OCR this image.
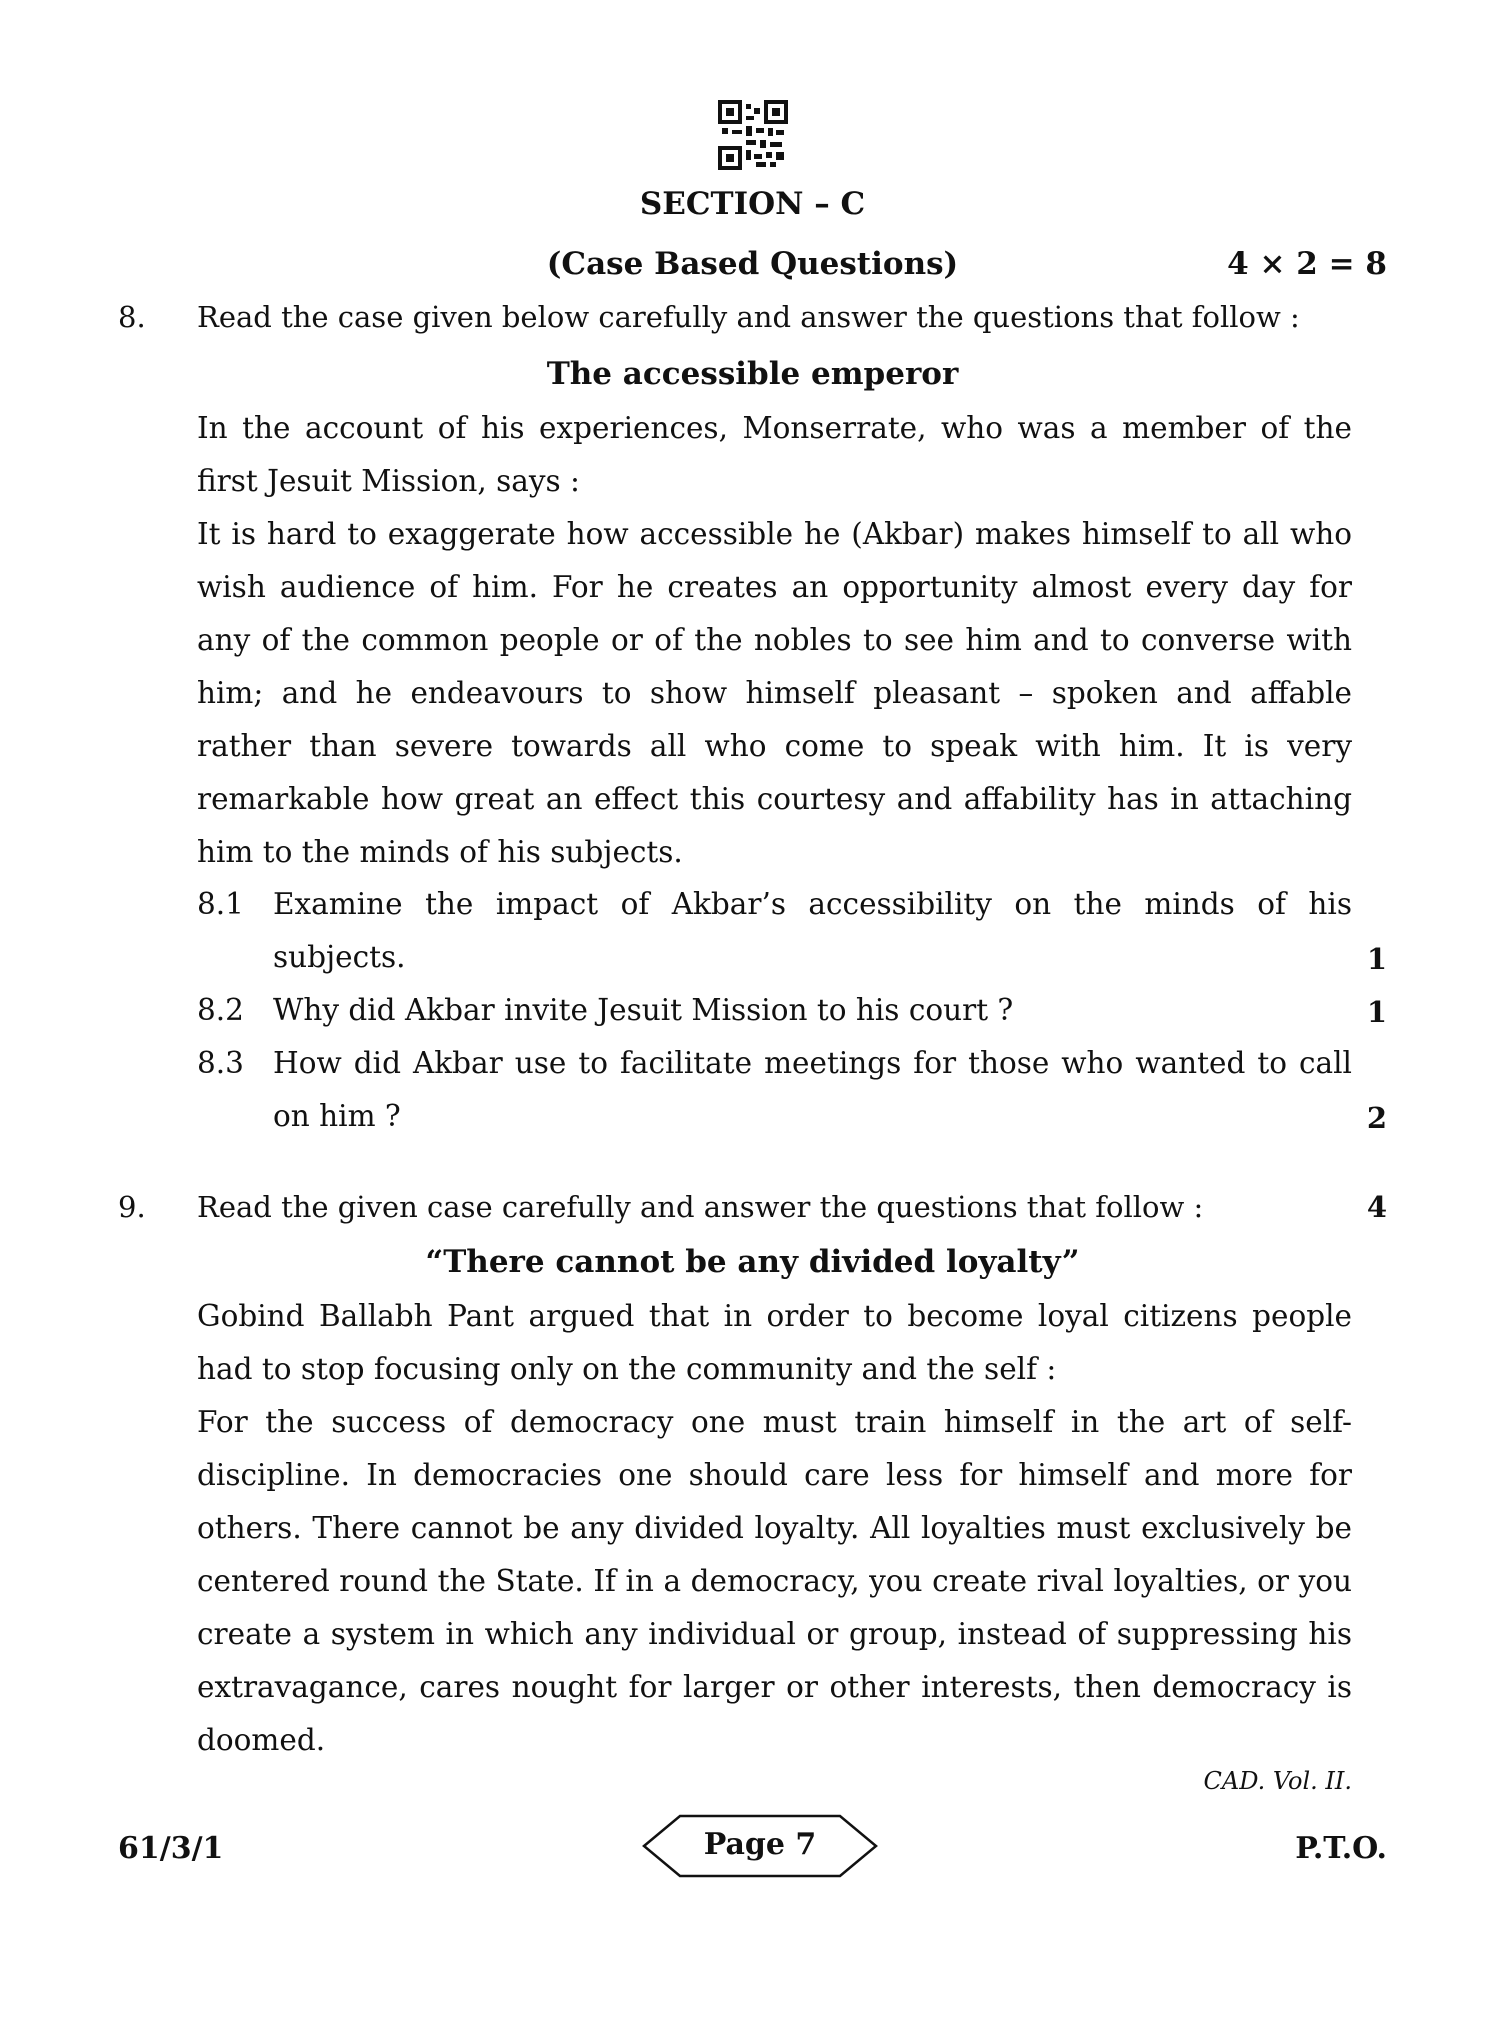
SECTION – C
(Case Based Questions)	4 × 2 = 8
8. Read the case given below carefully and answer the questions that follow :
The accessible emperor
In the account of his experiences, Monserrate, who was a member of the first Jesuit Mission, says :
It is hard to exaggerate how accessible he (Akbar) makes himself to all who wish audience of him. For he creates an opportunity almost every day for any of the common people or of the nobles to see him and to converse with him; and he endeavours to show himself pleasant – spoken and affable rather than severe towards all who come to speak with him. It is very remarkable how great an effect this courtesy and affability has in attaching him to the minds of his subjects.
8.1 Examine the impact of Akbar’s accessibility on the minds of his subjects.	1
8.2 Why did Akbar invite Jesuit Mission to his court ?	1
8.3 How did Akbar use to facilitate meetings for those who wanted to call on him ?	2
9. Read the given case carefully and answer the questions that follow :	4
“There cannot be any divided loyalty”
Gobind Ballabh Pant argued that in order to become loyal citizens people had to stop focusing only on the community and the self :
For the success of democracy one must train himself in the art of self-discipline. In democracies one should care less for himself and more for others. There cannot be any divided loyalty. All loyalties must exclusively be centered round the State. If in a democracy, you create rival loyalties, or you create a system in which any individual or group, instead of suppressing his extravagance, cares nought for larger or other interests, then democracy is doomed.
CAD. Vol. II.
61/3/1	Page 7	P.T.O.
